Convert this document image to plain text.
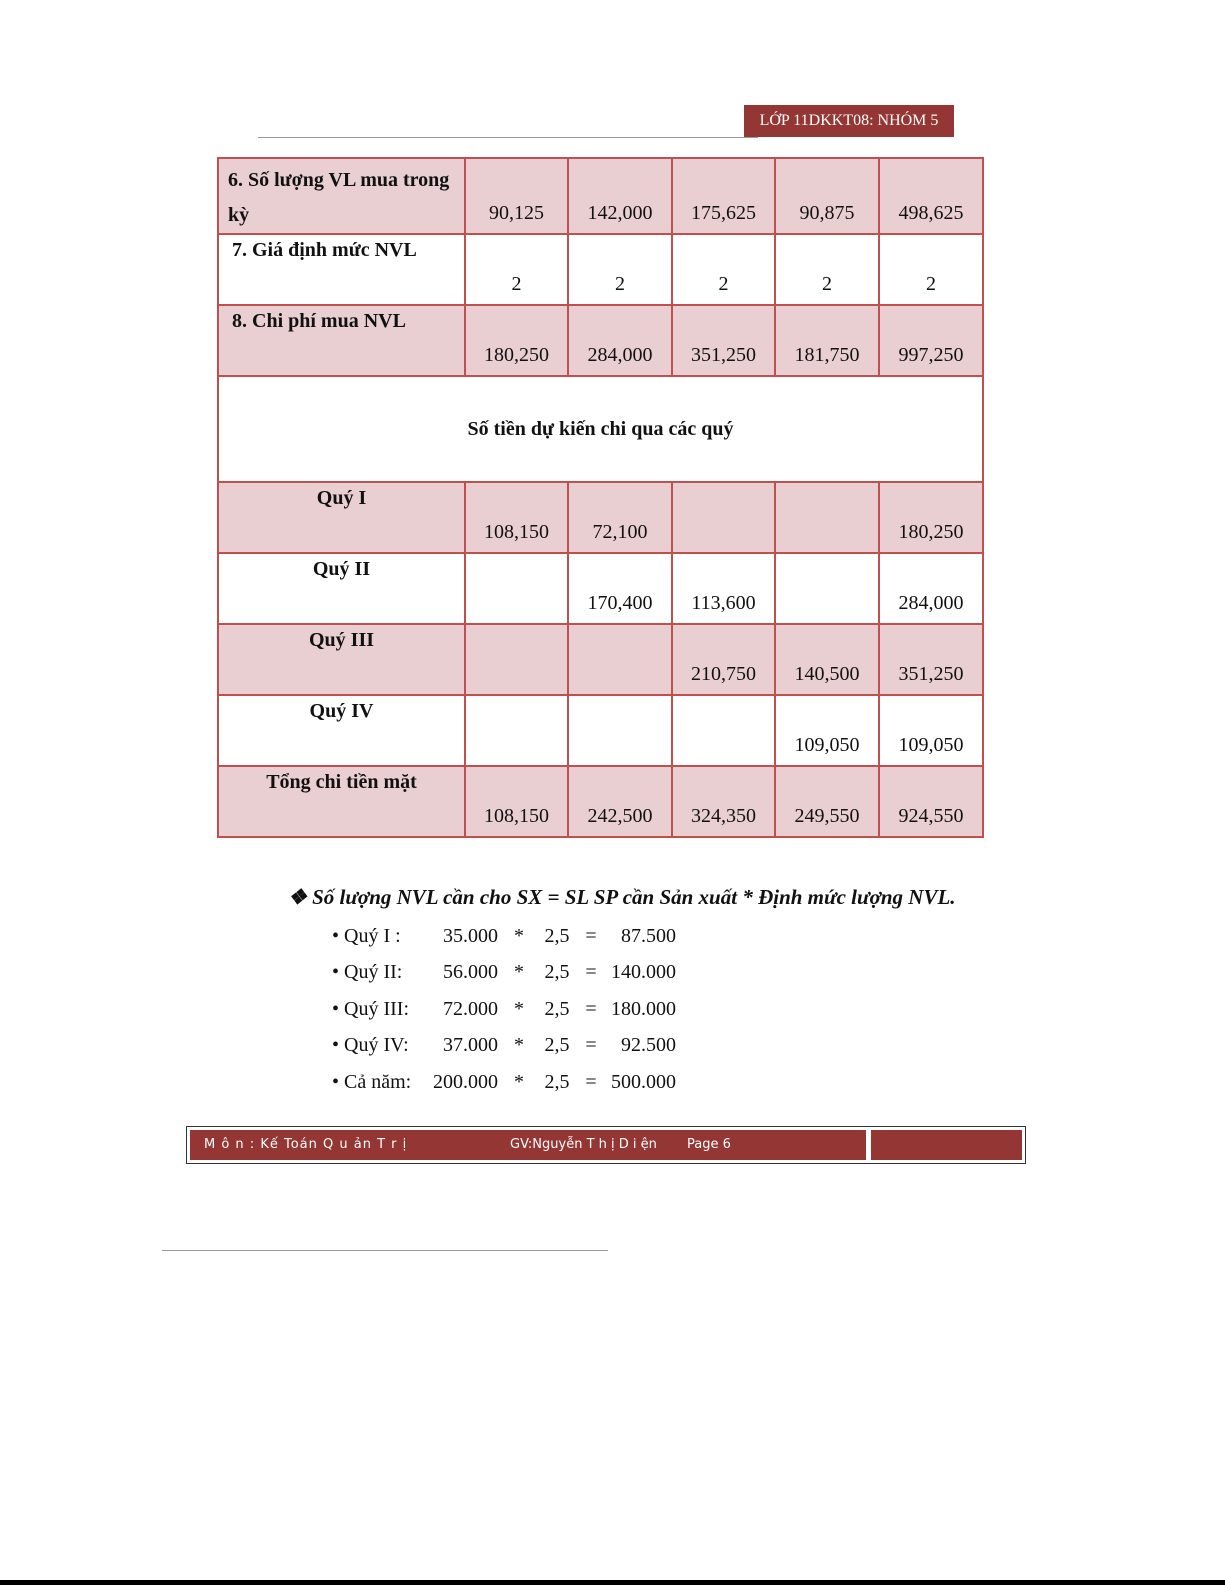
LỚP 11DKKT08: NHÓM 5
6. Số lượng VL mua trong kỳ	90,125	142,000	175,625	90,875	498,625
7. Giá định mức NVL	2	2	2	2	2
8. Chi phí mua NVL	180,250	284,000	351,250	181,750	997,250
Số tiền dự kiến chi qua các quý					
Quý I	108,150	72,100			180,250
Quý II		170,400	113,600		284,000
Quý III			210,750	140,500	351,250
Quý IV				109,050	109,050
Tổng chi tiền mặt	108,150	242,500	324,350	249,550	924,550
❖ Số lượng NVL cần cho SX = SL SP cần Sản xuất * Định mức lượng NVL.
• Quý I : 35.000 * 2,5 = 87.500
• Quý II: 56.000 * 2,5 = 140.000
• Quý III: 72.000 * 2,5 = 180.000
• Quý IV: 37.000 * 2,5 = 92.500
• Cả năm: 200.000 * 2,5 = 500.000
M ô n : Kế Toán Q u ản T r ị	GV:Nguyễn T h ị D i ện Page 6
